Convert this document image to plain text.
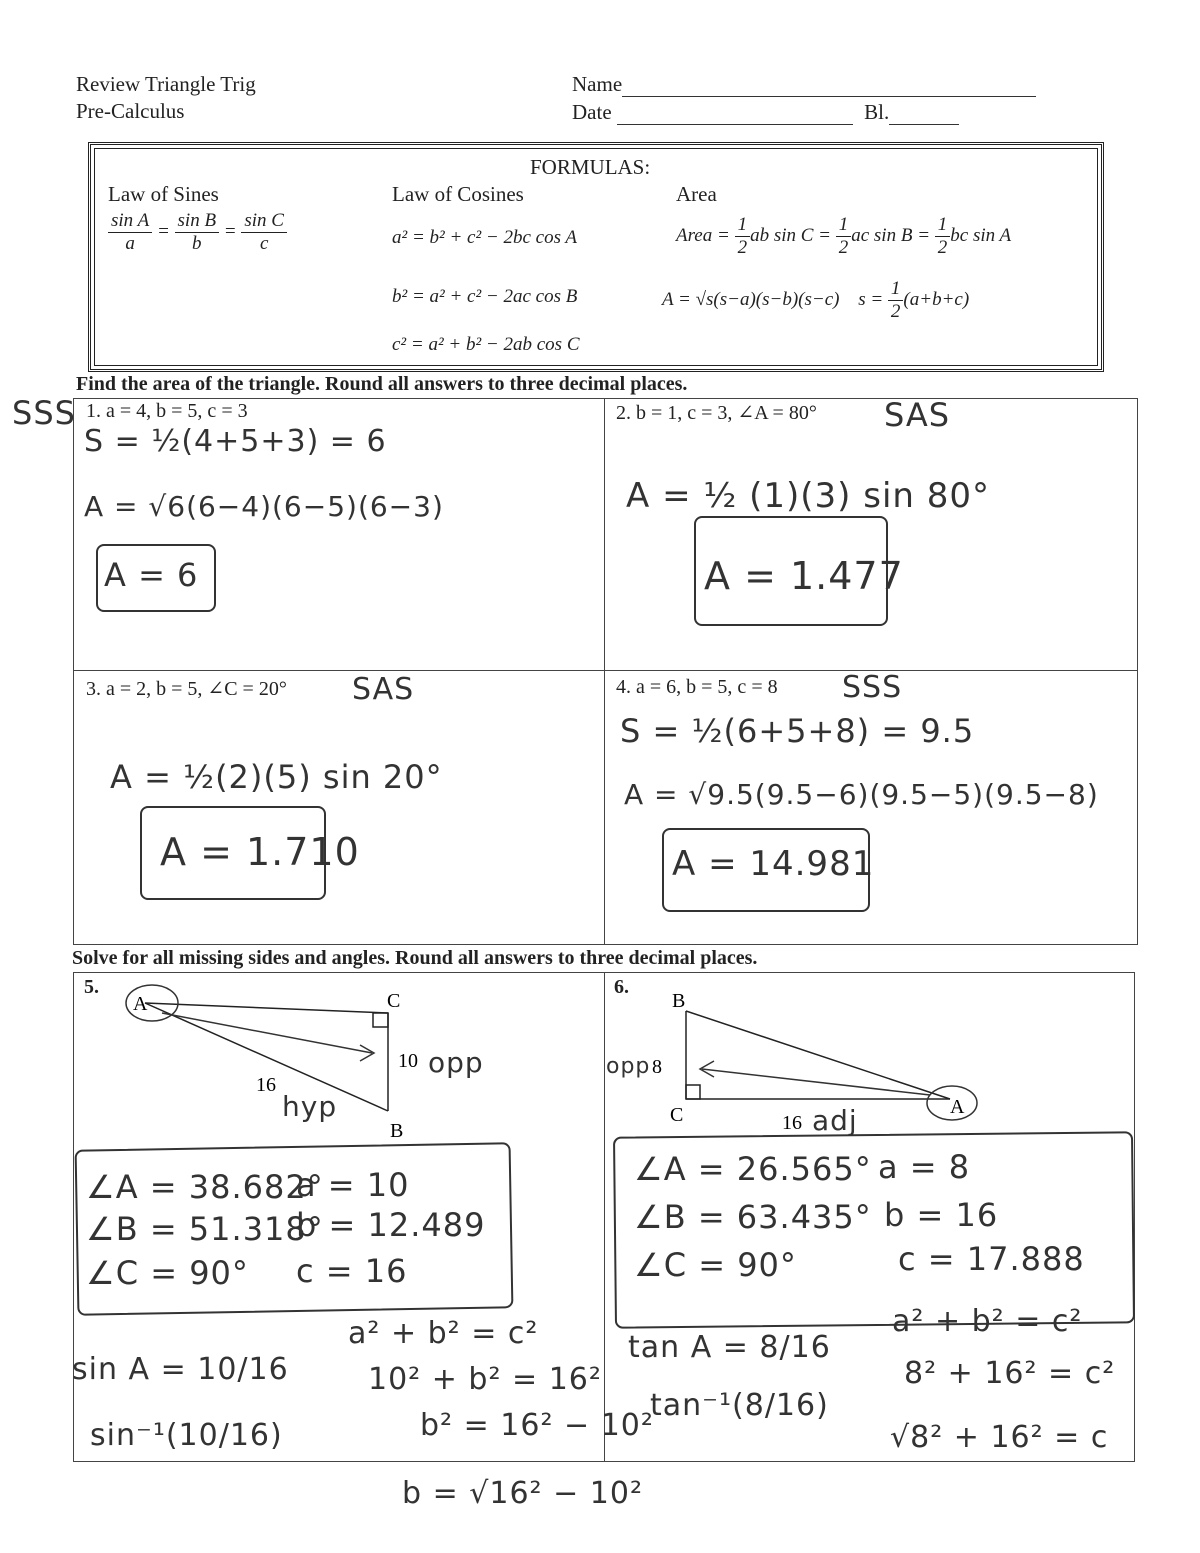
Review Triangle Trig
Pre-Calculus
Name
Date	Bl.
FORMULAS:
Law of Sines
$\frac{\text{sin A}}{a} = \frac{\text{sin B}}{b} = \frac{\text{sin C}}{c}$
Law of Cosines
a² = b² + c² − 2bc cos A
b² = a² + c² − 2ac cos B
c² = a² + b² − 2ab cos C
Area
Area = $\frac{1}{2}$ ab $\sin C = \frac{1}{2}$ ac $\sin B = \frac{1}{2}$ bc sin A
A = √s(s−a)(s−b)(s−c) $s = \frac{1}{2} (a+b+c)$
Find the area of the triangle. Round all answers to three decimal places.
SSS 1. a = 4, b = 5, c = 3
S = ½(4+5+3) = 6
A = √6(6−4)(6−5)(6−3)
A = 6
2. b = 1, c = 3, ∠A = 80° SAS
A = ½ (1)(3) sin 80°
A = 1.477
3. a = 2, b = 5, ∠C = 20° SAS
A = ½(2)(5) sin 20°
A = 1.710
4. a = 6, b = 5, c = 8 SSS
S = ½(6+5+8) = 9.5
A = √9.5(9.5−6)(9.5−5)(9.5−8)
A = 14.981
Solve for all missing sides and angles. Round all answers to three decimal places.
5.
A	C
B
10
16
opp
hyp
∠A = 38.682°
a = 10
∠B = 51.318°
b = 12.489
∠C = 90° c = 16
sin A = 10/16
sin⁻¹(10/16)
a² + b² = c²
10² + b² = 16²
b² = 16² − 10²
b = √16² − 10²
6.
B
C	A
8
16
opp
adj
∠A = 26.565° a = 8
∠B = 63.435° b = 16
∠C = 90°	c = 17.888
tan A = 8/16
tan⁻¹(8/16)
a² + b² = c²
8² + 16² = c²
√8² + 16² = c
